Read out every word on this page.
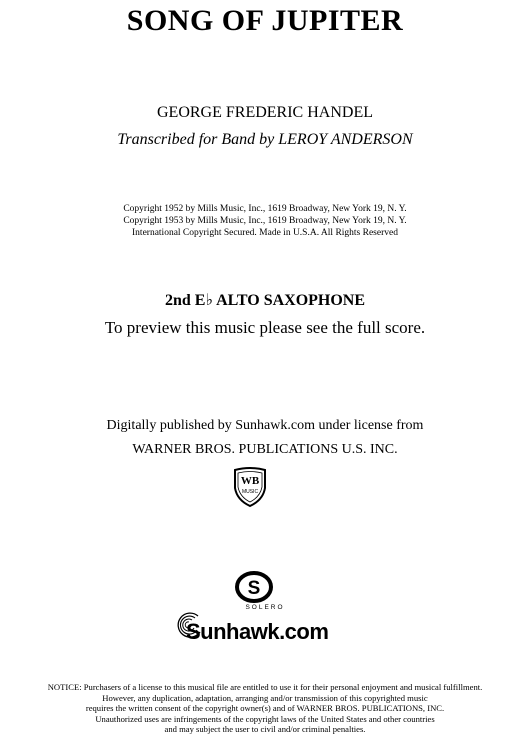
SONG OF JUPITER
GEORGE FREDERIC HANDEL
Transcribed for Band by LEROY ANDERSON
Copyright 1952 by Mills Music, Inc., 1619 Broadway, New York 19, N. Y.
Copyright 1953 by Mills Music, Inc., 1619 Broadway, New York 19, N. Y.
International Copyright Secured. Made in U.S.A. All Rights Reserved
2nd E♭ ALTO SAXOPHONE
To preview this music please see the full score.
Digitally published by Sunhawk.com under license from
WARNER BROS. PUBLICATIONS U.S. INC.
WB
MUSIC
S
SOLERO
Sunhawk.com
NOTICE: Purchasers of a license to this musical file are entitled to use it for their personal enjoyment and musical fulfillment.
However, any duplication, adaptation, arranging and/or transmission of this copyrighted music
requires the written consent of the copyright owner(s) and of WARNER BROS. PUBLICATIONS, INC.
Unauthorized uses are infringements of the copyright laws of the United States and other countries
and may subject the user to civil and/or criminal penalties.
